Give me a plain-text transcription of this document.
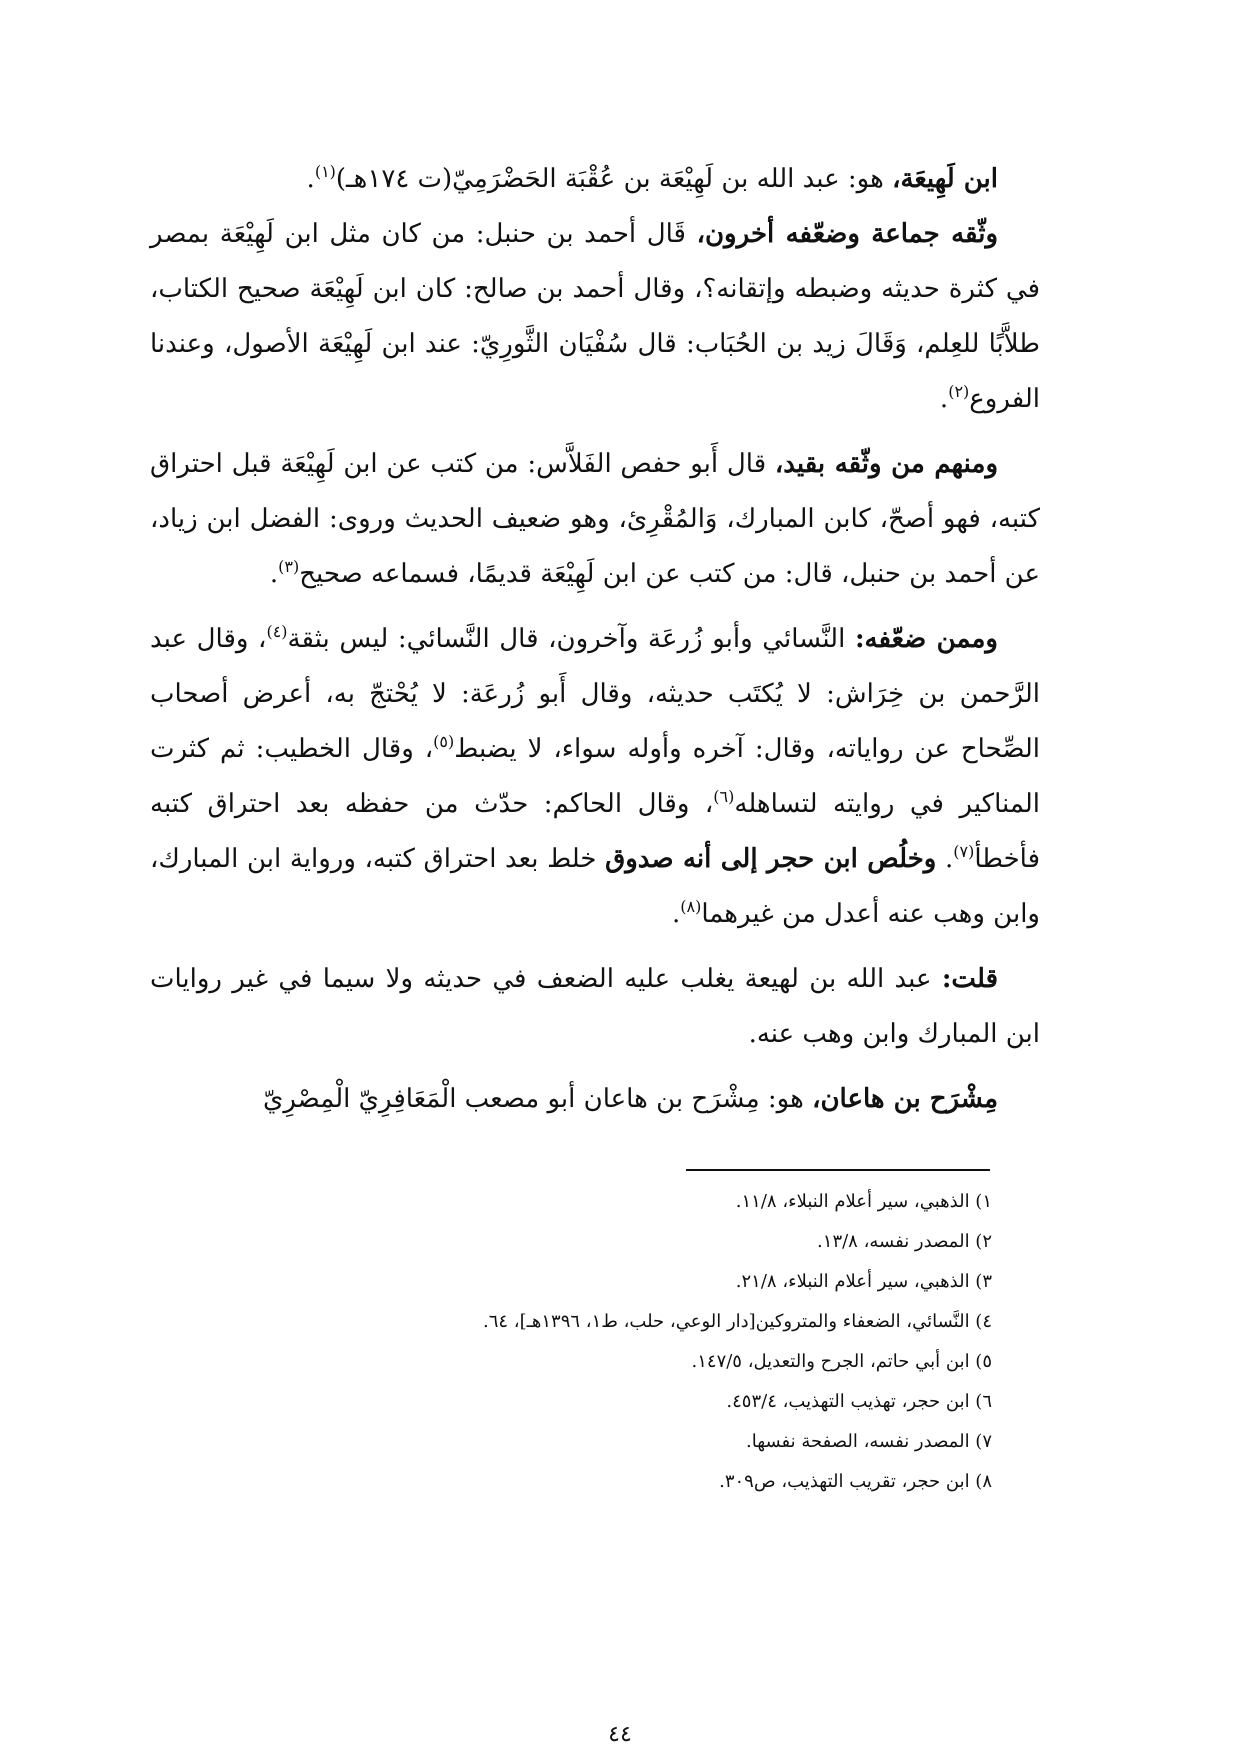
ابن لَهِيعَة، هو: عبد الله بن لَهِيْعَة بن عُقْبَة الحَضْرَمِيّ(ت ١٧٤هـ)$^{(١)}$.

وثّقه جماعة وضعّفه أخرون، قَال أحمد بن حنبل: من كان مثل ابن لَهِيْعَة بمصر في كثرة حديثه وضبطه وإتقانه؟، وقال أحمد بن صالح: كان ابن لَهِيْعَة صحيح الكتاب، طلاَّبًا للعِلم، وَقَالَ زيد بن الحُبَاب: قال سُفْيَان الثَّورِيّ: عند ابن لَهِيْعَة الأصول، وعندنا الفروع$^{(٢)}$.

ومنهم من وثّقه بقيد، قال أَبو حفص الفَلاَّس: من كتب عن ابن لَهِيْعَة قبل احتراق كتبه، فهو أصحّ، كابن المبارك، وَالمُقْرِئ، وهو ضعيف الحديث وروى: الفضل ابن زياد، عن أحمد بن حنبل، قال: من كتب عن ابن لَهِيْعَة قديمًا، فسماعه صحيح$^{(٣)}$.

وممن ضعّفه: النَّسائي وأبو زُرعَة وآخرون، قال النَّسائي: ليس بثقة$^{(٤)}$، وقال عبد الرَّحمن بن خِرَاش: لا يُكتَب حديثه، وقال أَبو زُرعَة: لا يُحْتجّ به، أعرض أصحاب الصِّحاح عن رواياته، وقال: آخره وأوله سواء، لا يضبط$^{(٥)}$، وقال الخطيب: ثم كثرت المناكير في روايته لتساهله$^{(٦)}$، وقال الحاكم: حدّث من حفظه بعد احتراق كتبه فأخطأ$^{(٧)}$. وخلُص ابن حجر إلى أنه صدوق خلط بعد احتراق كتبه، ورواية ابن المبارك، وابن وهب عنه أعدل من غيرهما$^{(٨)}$.

قلت: عبد الله بن لهيعة يغلب عليه الضعف في حديثه ولا سيما في غير روايات ابن المبارك وابن وهب عنه.

مِشْرَح بن هاعان، هو: مِشْرَح بن هاعان أبو مصعب الْمَعَافِرِيّ الْمِصْرِيّ

١) الذهبي، سير أعلام النبلاء، ١١/٨.

٢) المصدر نفسه، ١٣/٨.

٣) الذهبي، سير أعلام النبلاء، ٢١/٨.

٤) النَّسائي، الضعفاء والمتروكين[دار الوعي، حلب، ط١، ١٣٩٦هـ]، ٦٤.

٥) ابن أبي حاتم، الجرح والتعديل، ١٤٧/٥.

٦) ابن حجر، تهذيب التهذيب، ٤٥٣/٤.

٧) المصدر نفسه، الصفحة نفسها.

٨) ابن حجر، تقريب التهذيب، ص٣٠٩.

٤٤
